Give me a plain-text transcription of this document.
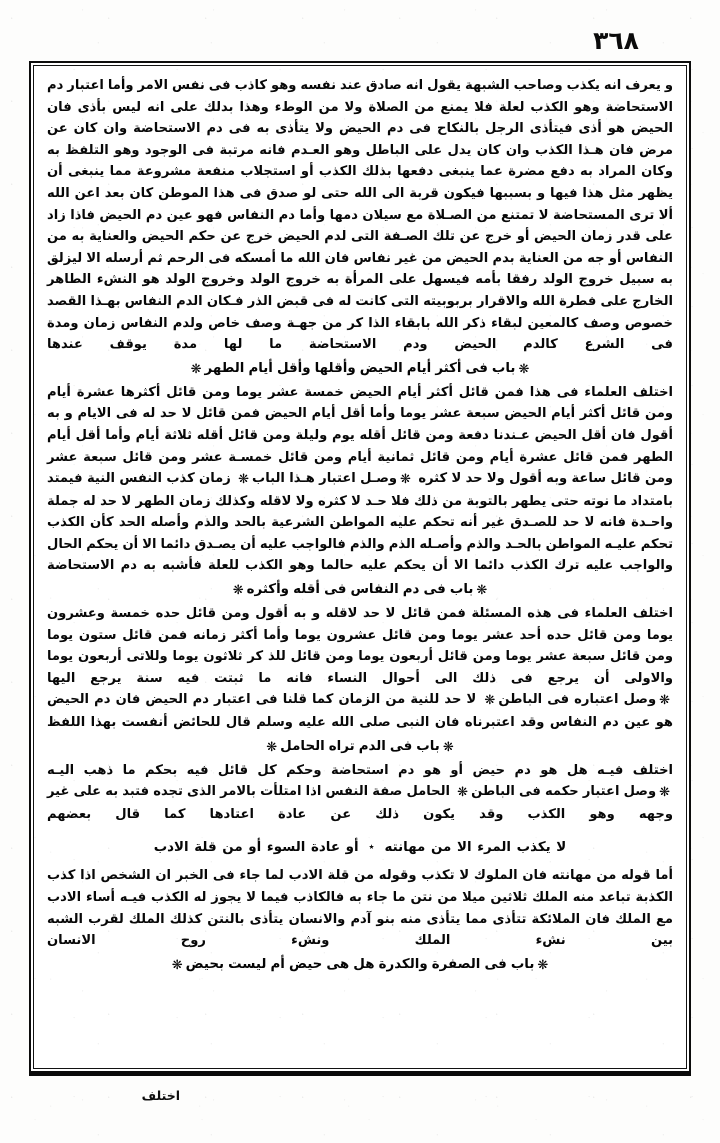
٣٦٨

و يعرف انه يكذب وصاحب الشبهة يقول انه صادق عند نفسه وهو كاذب فى نفس الامر وأما اعتبار دم الاستحاضة وهو الكذب لعلة فلا يمنع من الصلاة ولا من الوطء وهذا بدلك على انه ليس بأذى فان الحيض هو أذى فيتأذى الرجل بالنكاح فى دم الحيض ولا يتأذى به فى دم الاستحاضة وان كان عن مرض فان هـذا الكذب وان كان يدل على الباطل وهو العـدم فانه مرتبة فى الوجود وهو التلفظ به وكان المراد به دفع مضرة عما ينبغى دفعها بذلك الكذب أو استجلاب منفعة مشروعة مما ينبغى أن يظهر مثل هذا فيها و بسببها فيكون قربة الى الله حتى لو صدق فى هذا الموطن كان بعد اعن الله ألا ترى المستحاضة لا تمتنع من الصـلاة مع سيلان دمها وأما دم النفاس فهو عين دم الحيض فاذا زاد على قدر زمان الحيض أو خرج عن تلك الصـفة التى لدم الحيض خرج عن حكم الحيض والعناية به من النفاس أو جه من العناية بدم الحيض من غير نفاس فان الله ما أمسكه فى الرحم ثم أرسله الا ليزلق به سبيل خروج الولد رفقا بأمه فيسهل على المرأة به خروج الولد وخروج الولد هو النشء الطاهر الخارج على فطرة الله والاقرار بربوبيته التى كانت له فى قبض الذر فـكان الدم النفاس بهـذا القصد خصوص وصف كالمعين لبقاء ذكر الله بابقاء الذا كر من جهـة وصف خاص ولدم النفاس زمان ومدة فى الشرع كالدم الحيض ودم الاستحاضة ما لها مدة يوقف عندها

❋باب فى أكثر أيام الحيض وأقلها وأقل أيام الطهر❋

اختلف العلماء فى هذا فمن قائل أكثر أيام الحيض خمسة عشر يوما ومن قائل أكثرها عشرة أيام ومن قائل أكثر أيام الحيض سبعة عشر يوما وأما أقل أيام الحيض فمن قائل لا حد له فى الايام و به أقول فان أقل الحيض عـندنا دفعة ومن قائل أقله يوم وليلة ومن قائل أقله ثلاثة أيام وأما أقل أيام الطهر فمن قائل عشرة أيام ومن قائل ثمانية أيام ومن قائل خمسـة عشر ومن قائل سبعة عشر ومن قائل ساعة وبه أقول ولا حد لا كثره ❋وصـل اعتبار هـذا الباب❋ زمان كذب النفس النية فيمتد بامتداد ما نوته حتى يطهر بالتوبة من ذلك فلا حـد لا كثره ولا لاقله وكذلك زمان الطهر لا حد له جملة واحـدة فانه لا حد للصـدق غير أنه تحكم عليه المواطن الشرعية بالحد والذم وأصله الحد كأن الكذب تحكم عليـه المواطن بالحـد والذم وأصـله الذم والذم فالواجب عليه أن يصـدق دائما الا أن يحكم الحال والواجب عليه ترك الكذب دائما الا أن يحكم عليه حالما وهو الكذب للعلة فأشبه به دم الاستحاضة

❋باب فى دم النفاس فى أقله وأكثره❋

اختلف العلماء فى هذه المسئلة فمن قائل لا حد لاقله و به أقول ومن قائل حده خمسة وعشرون يوما ومن قائل حده أحد عشر يوما ومن قائل عشرون يوما وأما أكثر زمانه فمن قائل ستون يوما ومن قائل سبعة عشر يوما ومن قائل أربعون يوما ومن قائل للذ كر ثلاثون يوما وللاتى أربعون يوما والاولى أن يرجع فى ذلك الى أحوال النساء فانه ما ثبتت فيه سنة يرجع اليها ❋وصل اعتباره فى الباطن❋ لا حد للنية من الزمان كما قلنا فى اعتبار دم الحيض فان دم الحيض هو عين دم النفاس وقد اعتبرناه فان النبى صلى الله عليه وسلم قال للحائض أنفست بهذا اللفظ

❋باب فى الدم تراه الحامل❋

اختلف فيـه هل هو دم حيض أو هو دم استحاضة وحكم كل قائل فيه بحكم ما ذهب اليـه ❋وصل اعتبار حكمه فى الباطن❋ الحامل صفة النفس اذا امتلأت بالامر الذى تجده فتبد به على غير وجهه وهو الكذب وقد يكون ذلك عن عادة اعتادها كما قال بعضهم

لا يكذب المرء الا من مهانته٭أو عادة السوء أو من قلة الادب

أما قوله من مهانته فان الملوك لا تكذب وقوله من قلة الادب لما جاء فى الخبر ان الشخص اذا كذب الكذبة تباعد منه الملك ثلاثين ميلا من نتن ما جاء به فالكاذب فيما لا يجوز له الكذب فيـه أساء الادب مع الملك فان الملائكة تتأذى مما يتأذى منه بنو آدم والانسان يتأذى بالنتن كذلك الملك لقرب الشبه بين نشء الملك ونشء روح الانسان

❋باب فى الصفرة والكدرة هل هى حيض أم ليست بحيض❋
اختلف
